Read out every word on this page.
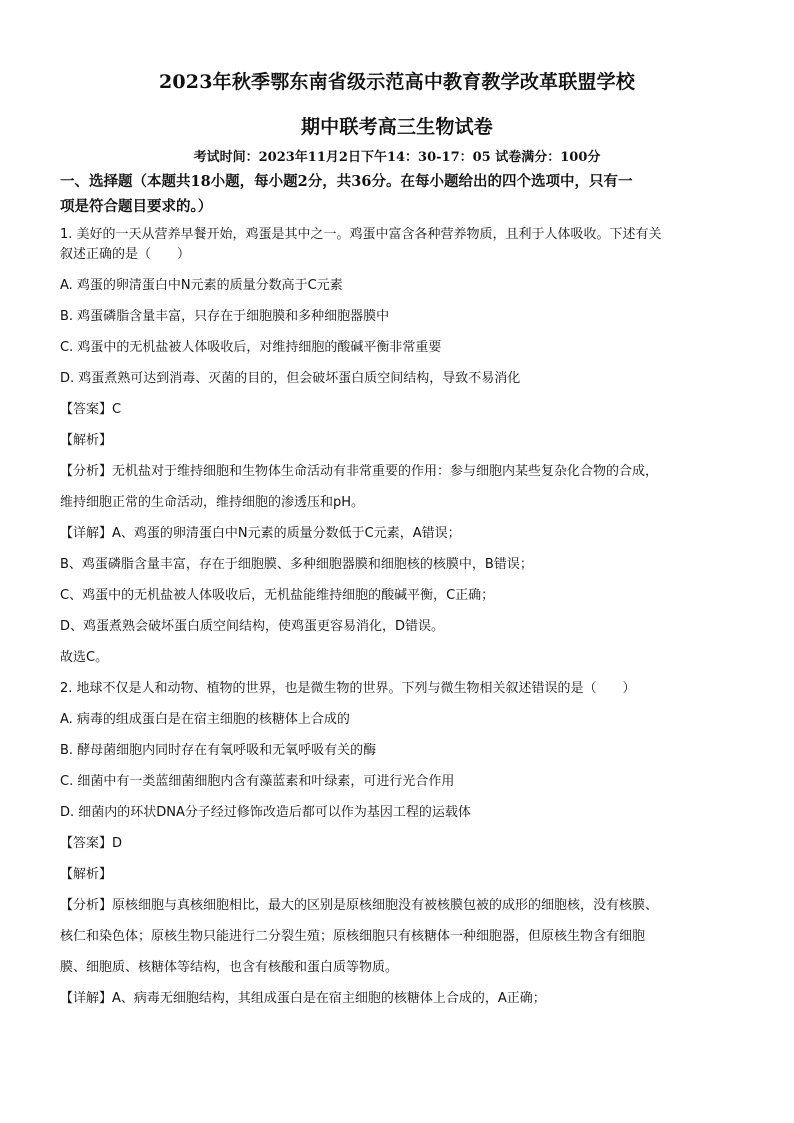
2023年秋季鄂东南省级示范高中教育教学改革联盟学校

期中联考高三生物试卷

考试时间：2023年11月2日下午14：30-17：05 试卷满分：100分
一、选择题（本题共18小题，每小题2分，共36分。在每小题给出的四个选项中，只有一
项是符合题目要求的。）

1. 美好的一天从营养早餐开始，鸡蛋是其中之一。鸡蛋中富含各种营养物质，且利于人体吸收。下述有关

叙述正确的是（　　）

A. 鸡蛋的卵清蛋白中N元素的质量分数高于C元素

B. 鸡蛋磷脂含量丰富，只存在于细胞膜和多种细胞器膜中

C. 鸡蛋中的无机盐被人体吸收后，对维持细胞的酸碱平衡非常重要

D. 鸡蛋煮熟可达到消毒、灭菌的目的，但会破坏蛋白质空间结构，导致不易消化

【答案】C

【解析】

【分析】无机盐对于维持细胞和生物体生命活动有非常重要的作用：参与细胞内某些复杂化合物的合成，

维持细胞正常的生命活动，维持细胞的渗透压和pH。

【详解】A、鸡蛋的卵清蛋白中N元素的质量分数低于C元素，A错误；

B、鸡蛋磷脂含量丰富，存在于细胞膜、多种细胞器膜和细胞核的核膜中，B错误；

C、鸡蛋中的无机盐被人体吸收后，无机盐能维持细胞的酸碱平衡，C正确；

D、鸡蛋煮熟会破坏蛋白质空间结构，使鸡蛋更容易消化，D错误。

故选C。

2. 地球不仅是人和动物、植物的世界，也是微生物的世界。下列与微生物相关叙述错误的是（　　）

A. 病毒的组成蛋白是在宿主细胞的核糖体上合成的

B. 酵母菌细胞内同时存在有氧呼吸和无氧呼吸有关的酶

C. 细菌中有一类蓝细菌细胞内含有藻蓝素和叶绿素，可进行光合作用

D. 细菌内的环状DNA分子经过修饰改造后都可以作为基因工程的运载体

【答案】D

【解析】

【分析】原核细胞与真核细胞相比，最大的区别是原核细胞没有被核膜包被的成形的细胞核，没有核膜、

核仁和染色体；原核生物只能进行二分裂生殖；原核细胞只有核糖体一种细胞器，但原核生物含有细胞

膜、细胞质、核糖体等结构，也含有核酸和蛋白质等物质。

【详解】A、病毒无细胞结构，其组成蛋白是在宿主细胞的核糖体上合成的，A正确；
